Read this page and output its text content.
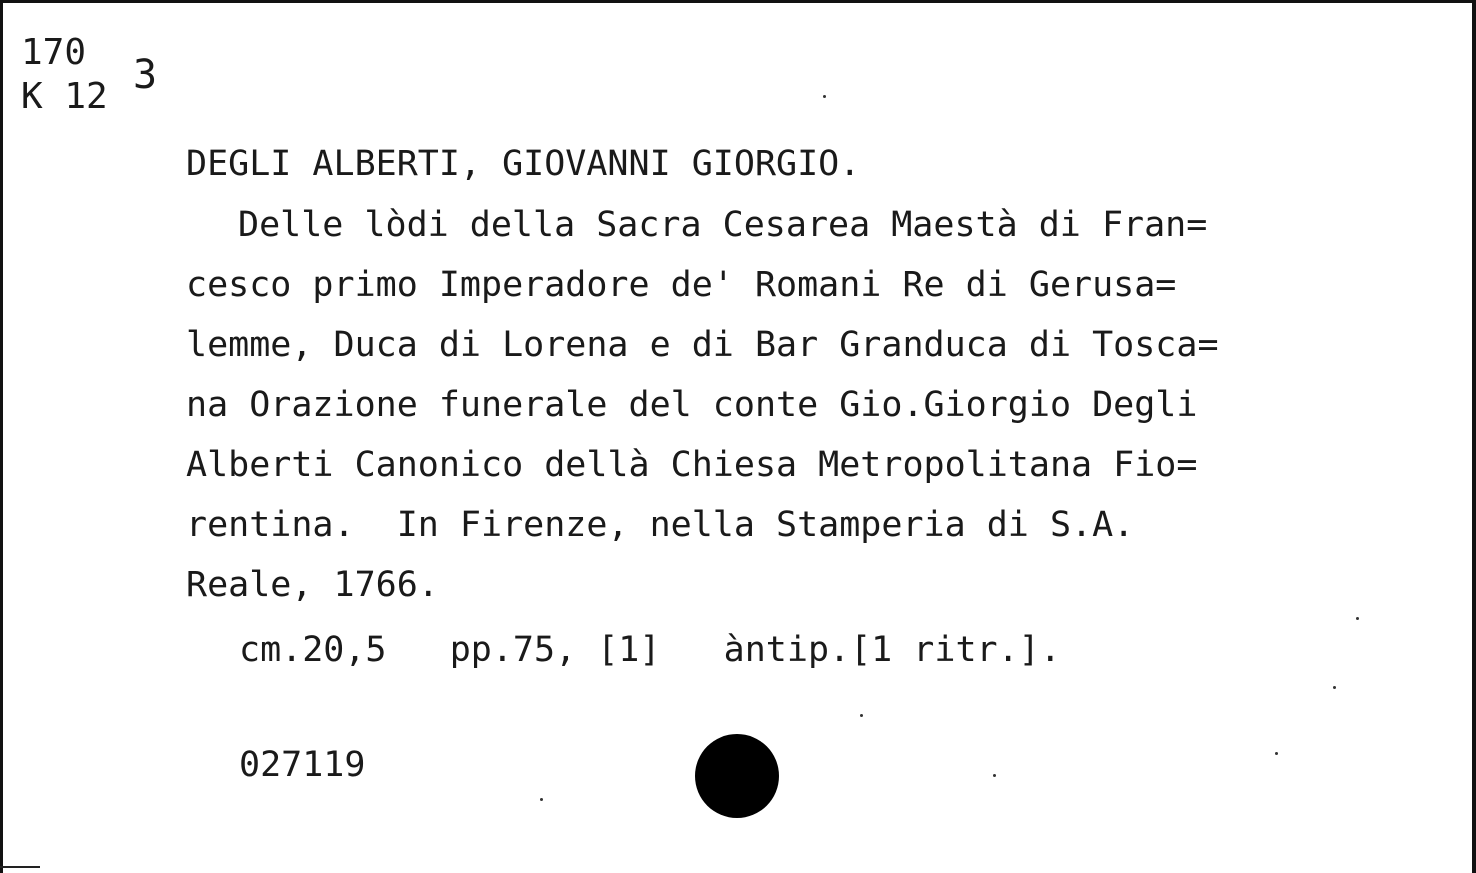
170
K 12 3
DEGLI ALBERTI, GIOVANNI GIORGIO.
Delle lòdi della Sacra Cesarea Maestà di Fran=
cesco primo Imperadore de' Romani Re di Gerusa=
lemme, Duca di Lorena e di Bar Granduca di Tosca=
na Orazione funerale del conte Gio.Giorgio Degli
Alberti Canonico dellà Chiesa Metropolitana Fio=
rentina.  In Firenze, nella Stamperia di S.A.
Reale, 1766.
cm.20,5   pp.75, [1]   àntip.[1 ritr.].
027119
